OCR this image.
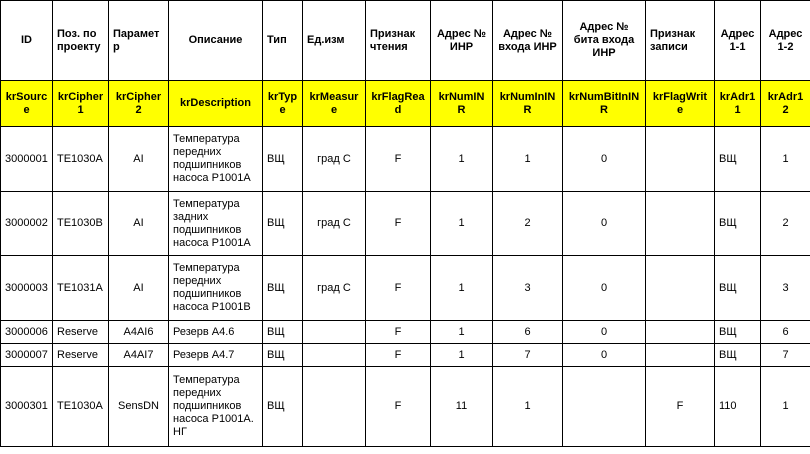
ID	Поз. по проекту	Параметр	Описание	Тип	Ед.изм	Признак чтения	Адрес № ИНР	Адрес № входа ИНР	Адрес № бита входа ИНР	Признак записи	Адрес 1-1	Адрес 1-2
krSource	krCipher1	krCipher2	krDescription	krType	krMeasure	krFlagRead	krNumINR	krNumInINR	krNumBitInINR	krFlagWrite	krAdr11	krAdr12
3000001	TE1030A	AI	Температура передних подшипников насоса Р1001А	ВЩ	град С	F	1	1	0		ВЩ	1
3000002	TE1030B	AI	Температура задних подшипников насоса Р1001А	ВЩ	град С	F	1	2	0		ВЩ	2
3000003	TE1031A	AI	Температура передних подшипников насоса Р1001В	ВЩ	град С	F	1	3	0		ВЩ	3
3000006	Reserve	A4AI6	Резерв А4.6	ВЩ		F	1	6	0		ВЩ	6
3000007	Reserve	A4AI7	Резерв А4.7	ВЩ		F	1	7	0		ВЩ	7
3000301	TE1030A	SensDN	Температура передних подшипников насоса Р1001А. НГ	ВЩ		F	11	1		F	110	1
